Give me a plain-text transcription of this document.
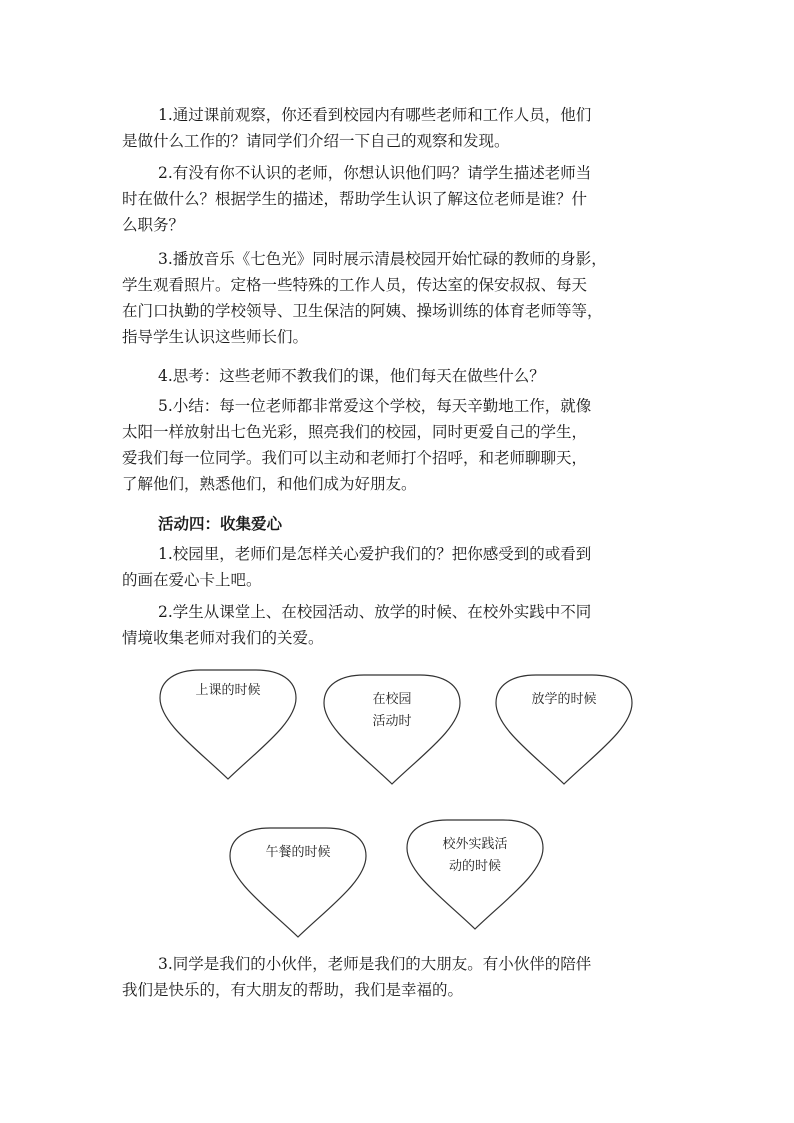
1.通过课前观察，你还看到校园内有哪些老师和工作人员，他们
是做什么工作的？请同学们介绍一下自己的观察和发现。
2.有没有你不认识的老师，你想认识他们吗？请学生描述老师当
时在做什么？根据学生的描述，帮助学生认识了解这位老师是谁？什
么职务？
3.播放音乐《七色光》同时展示清晨校园开始忙碌的教师的身影，
学生观看照片。定格一些特殊的工作人员，传达室的保安叔叔、每天
在门口执勤的学校领导、卫生保洁的阿姨、操场训练的体育老师等等，
指导学生认识这些师长们。
4.思考：这些老师不教我们的课，他们每天在做些什么？
5.小结：每一位老师都非常爱这个学校，每天辛勤地工作，就像
太阳一样放射出七色光彩，照亮我们的校园，同时更爱自己的学生，
爱我们每一位同学。我们可以主动和老师打个招呼，和老师聊聊天，
了解他们，熟悉他们，和他们成为好朋友。
活动四：收集爱心
1.校园里，老师们是怎样关心爱护我们的？把你感受到的或看到
的画在爱心卡上吧。
2.学生从课堂上、在校园活动、放学的时候、在校外实践中不同
情境收集老师对我们的关爱。
上课的时候
在校园
活动时
放学的时候
午餐的时候
校外实践活
动的时候
3.同学是我们的小伙伴，老师是我们的大朋友。有小伙伴的陪伴
我们是快乐的，有大朋友的帮助，我们是幸福的。
